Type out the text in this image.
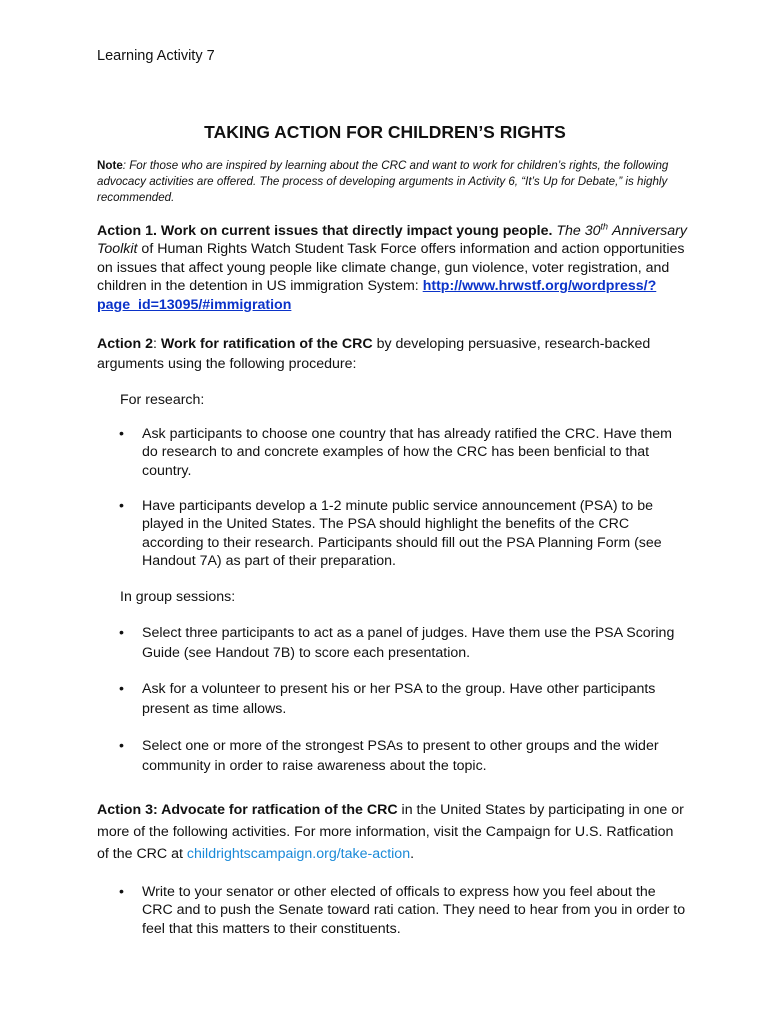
Learning Activity 7
TAKING ACTION FOR CHILDREN’S RIGHTS
Note: For those who are inspired by learning about the CRC and want to work for children’s rights, the following advocacy activities are offered. The process of developing arguments in Activity 6, “It’s Up for Debate,” is highly recommended.
Action 1. Work on current issues that directly impact young people. The 30th Anniversary Toolkit of Human Rights Watch Student Task Force offers information and action opportunities on issues that affect young people like climate change, gun violence, voter registration, and children in the detention in US immigration System: http://www.hrwstf.org/wordpress/?page_id=13095/#immigration
Action 2: Work for ratification of the CRC by developing persuasive, research-backed arguments using the following procedure:
For research:
• Ask participants to choose one country that has already ratified the CRC. Have them do research to and concrete examples of how the CRC has been benficial to that country.
• Have participants develop a 1-2 minute public service announcement (PSA) to be played in the United States. The PSA should highlight the benefits of the CRC according to their research. Participants should fill out the PSA Planning Form (see Handout 7A) as part of their preparation.
In group sessions:
• Select three participants to act as a panel of judges. Have them use the PSA Scoring Guide (see Handout 7B) to score each presentation.
• Ask for a volunteer to present his or her PSA to the group. Have other participants present as time allows.
• Select one or more of the strongest PSAs to present to other groups and the wider community in order to raise awareness about the topic.
Action 3: Advocate for ratfication of the CRC in the United States by participating in one or more of the following activities. For more information, visit the Campaign for U.S. Ratfication of the CRC at childrightscampaign.org/take-action.
• Write to your senator or other elected of officals to express how you feel about the CRC and to push the Senate toward rati cation. They need to hear from you in order to feel that this matters to their constituents.
